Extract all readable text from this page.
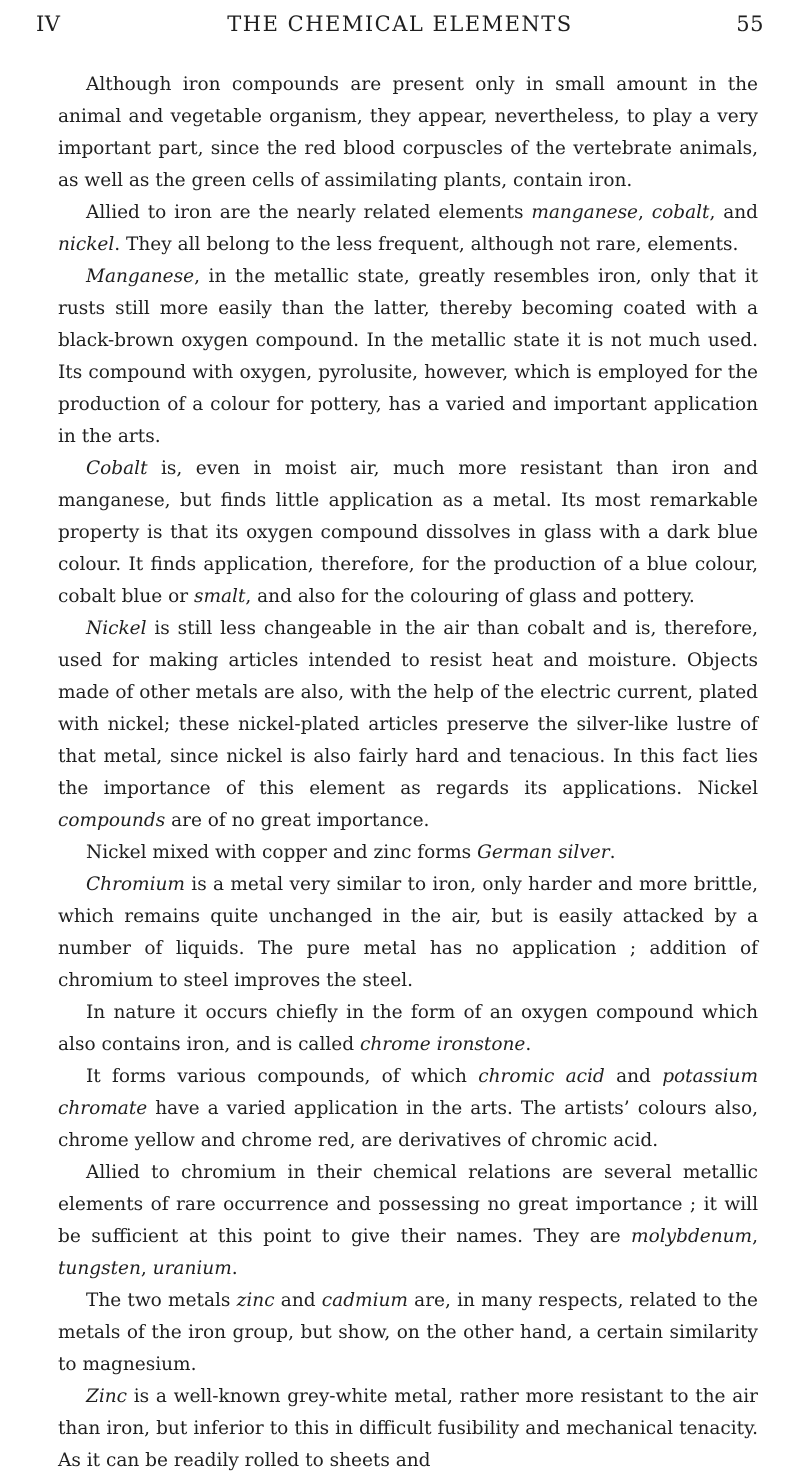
IV	THE CHEMICAL ELEMENTS	55

Although iron compounds are present only in small amount in the animal and vegetable organism, they appear, nevertheless, to play a very important part, since the red blood corpuscles of the vertebrate animals, as well as the green cells of assimilating plants, contain iron.

Allied to iron are the nearly related elements manganese, cobalt, and nickel. They all belong to the less frequent, although not rare, elements.

Manganese, in the metallic state, greatly resembles iron, only that it rusts still more easily than the latter, thereby becoming coated with a black-brown oxygen compound. In the metallic state it is not much used. Its compound with oxygen, pyrolusite, however, which is employed for the production of a colour for pottery, has a varied and important application in the arts.

Cobalt is, even in moist air, much more resistant than iron and manganese, but finds little application as a metal. Its most remarkable property is that its oxygen compound dissolves in glass with a dark blue colour. It finds application, therefore, for the production of a blue colour, cobalt blue or smalt, and also for the colouring of glass and pottery.

Nickel is still less changeable in the air than cobalt and is, therefore, used for making articles intended to resist heat and moisture. Objects made of other metals are also, with the help of the electric current, plated with nickel; these nickel-plated articles preserve the silver-like lustre of that metal, since nickel is also fairly hard and tenacious. In this fact lies the importance of this element as regards its applications. Nickel compounds are of no great importance.

Nickel mixed with copper and zinc forms German silver.

Chromium is a metal very similar to iron, only harder and more brittle, which remains quite unchanged in the air, but is easily attacked by a number of liquids. The pure metal has no application ; addition of chromium to steel improves the steel.

In nature it occurs chiefly in the form of an oxygen compound which also contains iron, and is called chrome ironstone.

It forms various compounds, of which chromic acid and potassium chromate have a varied application in the arts. The artists’ colours also, chrome yellow and chrome red, are derivatives of chromic acid.

Allied to chromium in their chemical relations are several metallic elements of rare occurrence and possessing no great importance ; it will be sufficient at this point to give their names. They are molybdenum, tungsten, uranium.

The two metals zinc and cadmium are, in many respects, related to the metals of the iron group, but show, on the other hand, a certain similarity to magnesium.

Zinc is a well-known grey-white metal, rather more resistant to the air than iron, but inferior to this in difficult fusibility and mechanical tenacity. As it can be readily rolled to sheets and
